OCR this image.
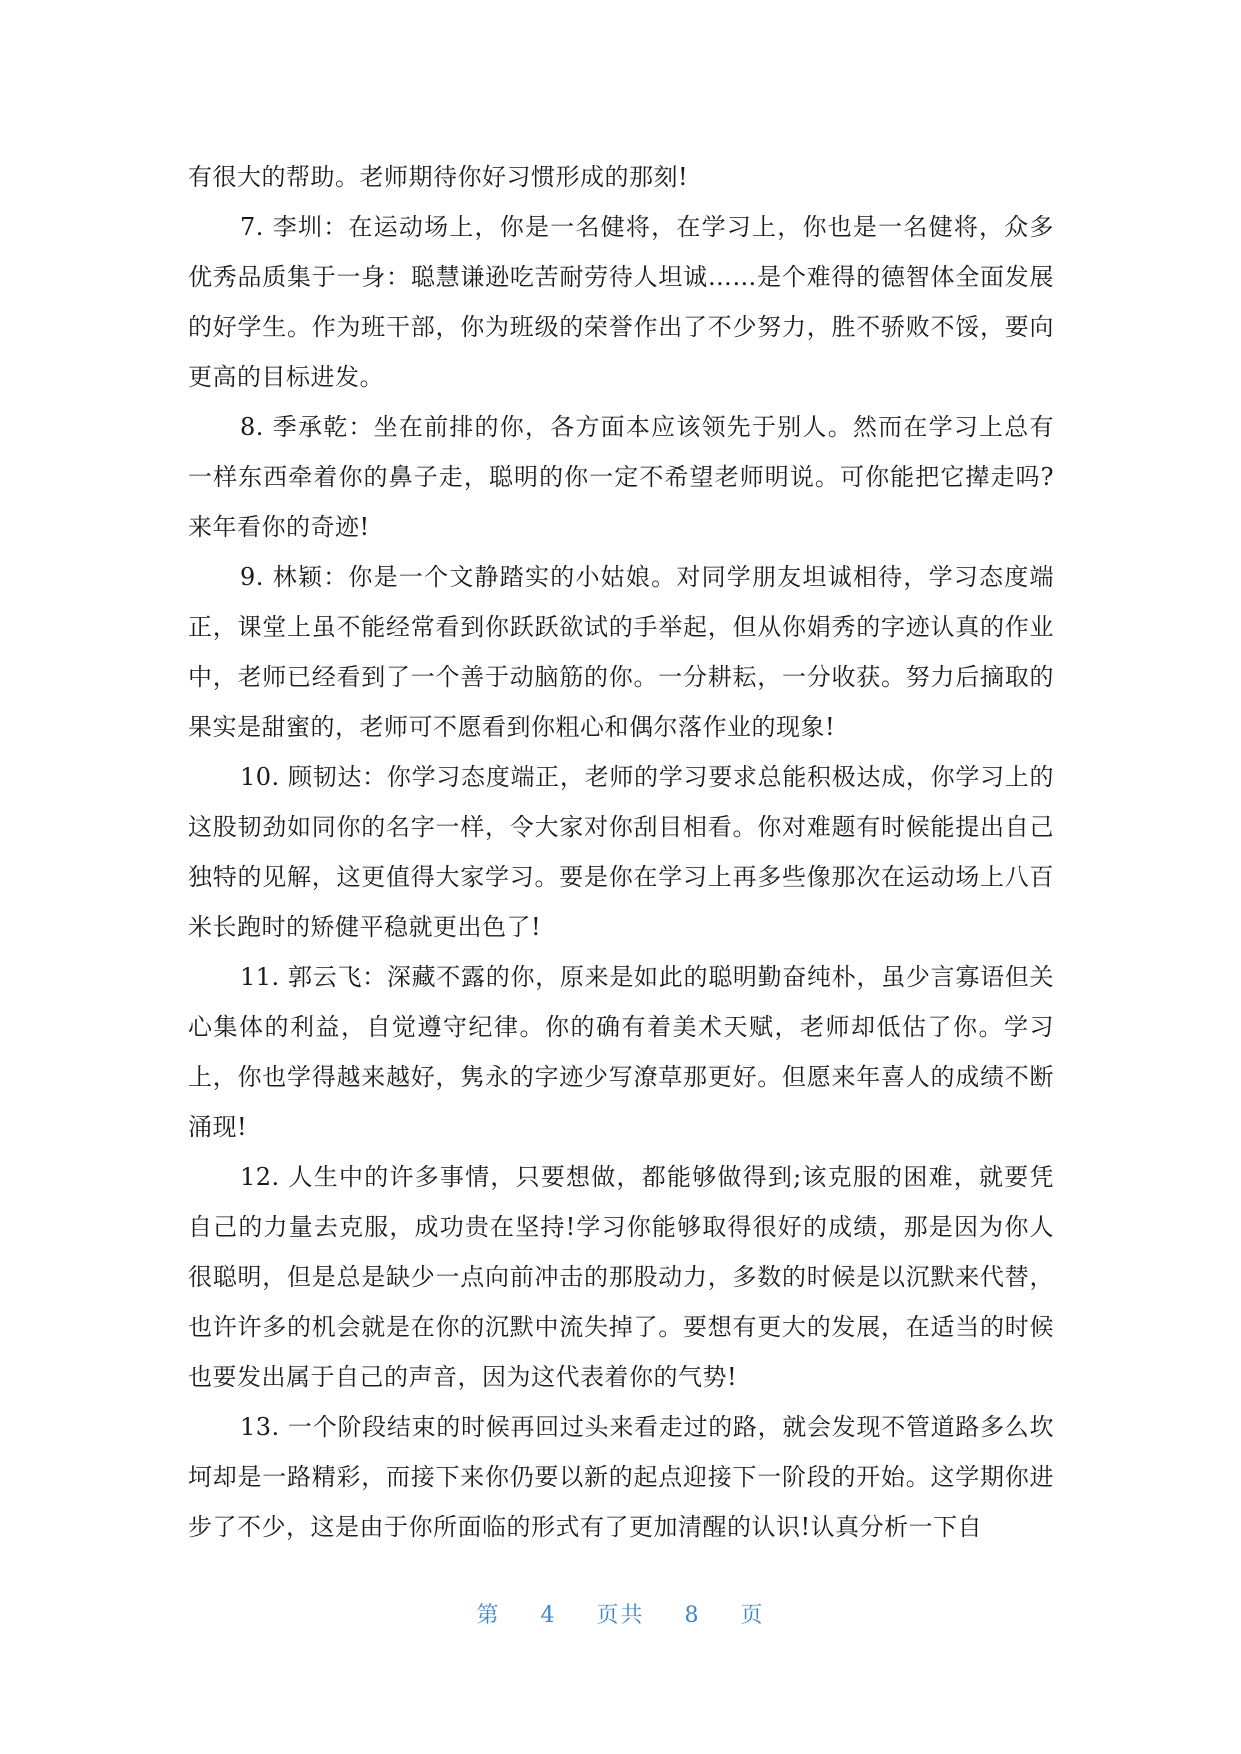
有很大的帮助。老师期待你好习惯形成的那刻!

7. 李圳：在运动场上，你是一名健将，在学习上，你也是一名健将，众多优秀品质集于一身：聪慧谦逊吃苦耐劳待人坦诚……是个难得的德智体全面发展的好学生。作为班干部，你为班级的荣誉作出了不少努力，胜不骄败不馁，要向更高的目标进发。

8. 季承乾：坐在前排的你，各方面本应该领先于别人。然而在学习上总有一样东西牵着你的鼻子走，聪明的你一定不希望老师明说。可你能把它撵走吗?来年看你的奇迹!

9. 林颖：你是一个文静踏实的小姑娘。对同学朋友坦诚相待，学习态度端正，课堂上虽不能经常看到你跃跃欲试的手举起，但从你娟秀的字迹认真的作业中，老师已经看到了一个善于动脑筋的你。一分耕耘，一分收获。努力后摘取的果实是甜蜜的，老师可不愿看到你粗心和偶尔落作业的现象!

10. 顾韧达：你学习态度端正，老师的学习要求总能积极达成，你学习上的这股韧劲如同你的名字一样，令大家对你刮目相看。你对难题有时候能提出自己独特的见解，这更值得大家学习。要是你在学习上再多些像那次在运动场上八百米长跑时的矫健平稳就更出色了!

11. 郭云飞：深藏不露的你，原来是如此的聪明勤奋纯朴，虽少言寡语但关心集体的利益，自觉遵守纪律。你的确有着美术天赋，老师却低估了你。学习上，你也学得越来越好，隽永的字迹少写潦草那更好。但愿来年喜人的成绩不断涌现!

12. 人生中的许多事情，只要想做，都能够做得到;该克服的困难，就要凭自己的力量去克服，成功贵在坚持!学习你能够取得很好的成绩，那是因为你人很聪明，但是总是缺少一点向前冲击的那股动力，多数的时候是以沉默来代替，也许许多的机会就是在你的沉默中流失掉了。要想有更大的发展，在适当的时候也要发出属于自己的声音，因为这代表着你的气势!

13. 一个阶段结束的时候再回过头来看走过的路，就会发现不管道路多么坎坷却是一路精彩，而接下来你仍要以新的起点迎接下一阶段的开始。这学期你进步了不少，这是由于你所面临的形式有了更加清醒的认识!认真分析一下自

第 4 页共 8 页
